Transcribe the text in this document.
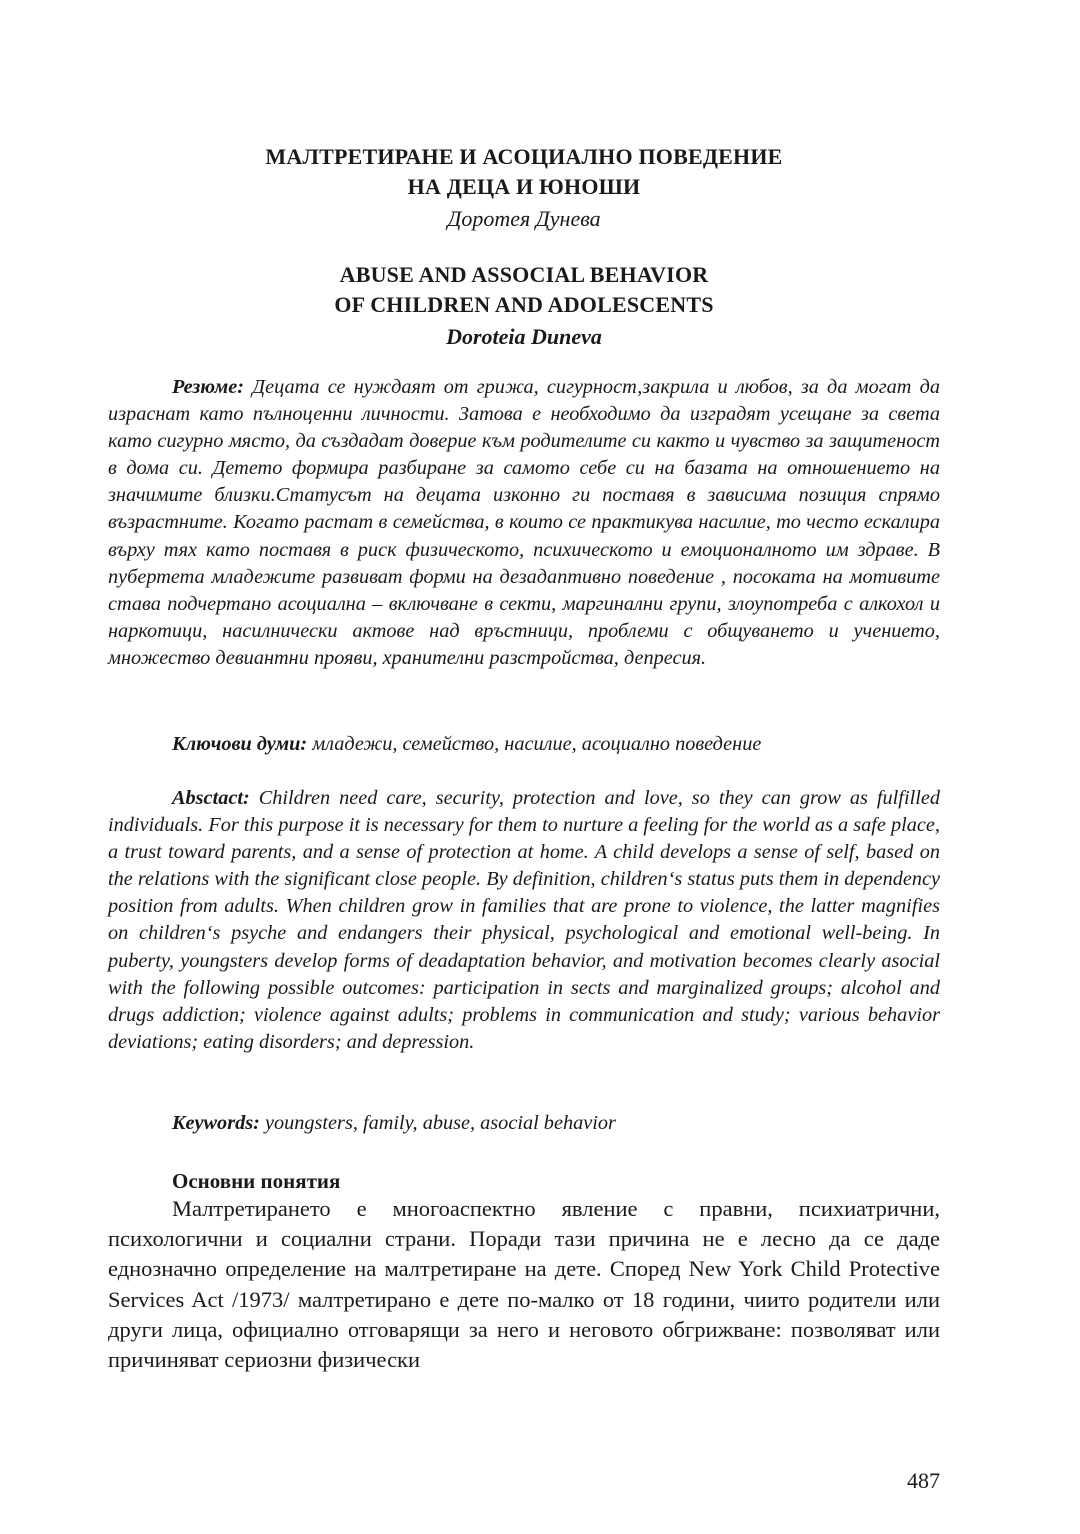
МАЛТРЕТИРАНЕ И АСОЦИАЛНО ПОВЕДЕНИЕ
НА ДЕЦА И ЮНОШИ
Доротея Дунева
ABUSE AND ASSOCIAL BEHAVIOR
OF CHILDREN AND ADOLESCENTS
Doroteia Duneva

Резюме: Децата се нуждаят от грижа, сигурност,закрила и любов, за да могат да израснат като пълноценни личности. Затова е необходимо да изградят усещане за света като сигурно място, да създадат доверие към родителите си както и чувство за защитеност в дома си. Детето формира разбиране за самото себе си на базата на отношението на значимите близки.Статусът на децата изконно ги поставя в зависима позиция спрямо възрастните. Когато растат в семейства, в които се практикува насилие, то често ескалира върху тях като поставя в риск физическото, психическото и емоционалното им здраве. В пубертета младежите развиват форми на дезадаптивно поведение , посоката на мотивите става подчертано асоциална – включване в секти, маргинални групи, злоупотреба с алкохол и наркотици, насилнически актове над връстници, проблеми с общуването и учението, множество девиантни прояви, хранителни разстройства, депресия.

Ключови думи: младежи, семейство, насилие, асоциално поведение

Absctact: Children need care, security, protection and love, so they can grow as fulfilled individuals. For this purpose it is necessary for them to nurture a feeling for the world as a safe place, a trust toward parents, and a sense of protection at home. A child develops a sense of self, based on the relations with the significant close people. By definition, children‘s status puts them in dependency position from adults. When children grow in families that are prone to violence, the latter magnifies on children‘s psyche and endangers their physical, psychological and emotional well-being. In puberty, youngsters develop forms of deadaptation behavior, and motivation becomes clearly asocial with the following possible outcomes: participation in sects and marginalized groups; alcohol and drugs addiction; violence against adults; problems in communication and study; various behavior deviations; eating disorders; and depression.

Keywords: youngsters, family, abuse, asocial behavior

Основни понятия

Малтретирането е многоаспектно явление с правни, психиатрични, психологични и социални страни. Поради тази причина не е лесно да се даде еднозначно определение на малтретиране на дете. Според New York Child Protective Services Act /1973/ малтретирано е дете по-малко от 18 години, чиито родители или други лица, официално отговарящи за него и неговото обгрижване: позволяват или причиняват сериозни физически

487
